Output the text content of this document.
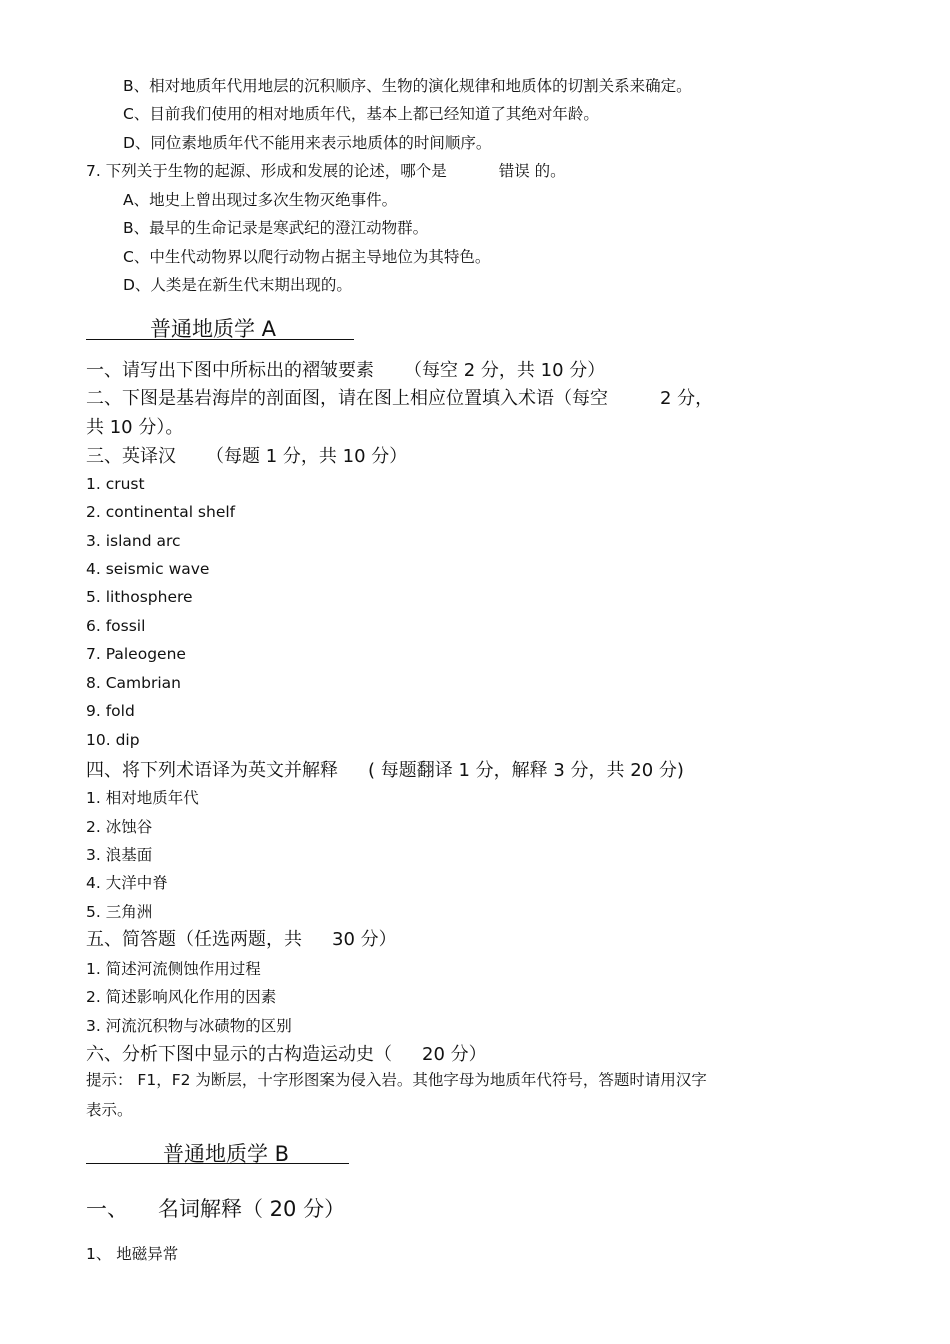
B、相对地质年代用地层的沉积顺序、生物的演化规律和地质体的切割关系来确定。
C、目前我们使用的相对地质年代，基本上都已经知道了其绝对年龄。
D、同位素地质年代不能用来表示地质体的时间顺序。
7. 下列关于生物的起源、形成和发展的论述，哪个是	错误 的。
A、地史上曾出现过多次生物灭绝事件。
B、最早的生命记录是寒武纪的澄江动物群。
C、中生代动物界以爬行动物占据主导地位为其特色。
D、人类是在新生代末期出现的。
普通地质学 A
一、请写出下图中所标出的褶皱要素 （每空 2 分，共 10 分）
二、下图是基岩海岸的剖面图，请在图上相应位置填入术语（每空	2 分，
共 10 分）。
三、英译汉 （每题 1 分，共 10 分）
1. crust
2. continental shelf
3. island arc
4. seismic wave
5. lithosphere
6. fossil
7. Paleogene
8. Cambrian
9. fold
10. dip
四、将下列术语译为英文并解释 ( 每题翻译 1 分，解释 3 分，共 20 分)
1. 相对地质年代
2. 冰蚀谷
3. 浪基面
4. 大洋中脊
5. 三角洲
五、简答题（任选两题，共 30 分）
1. 简述河流侧蚀作用过程
2. 简述影响风化作用的因素
3. 河流沉积物与冰碛物的区别
六、分析下图中显示的古构造运动史（ 20 分）
提示： F1，F2 为断层，十字形图案为侵入岩。其他字母为地质年代符号，答题时请用汉字
表示。
普通地质学 B
一、 名词解释（ 20 分）
1、 地磁异常
